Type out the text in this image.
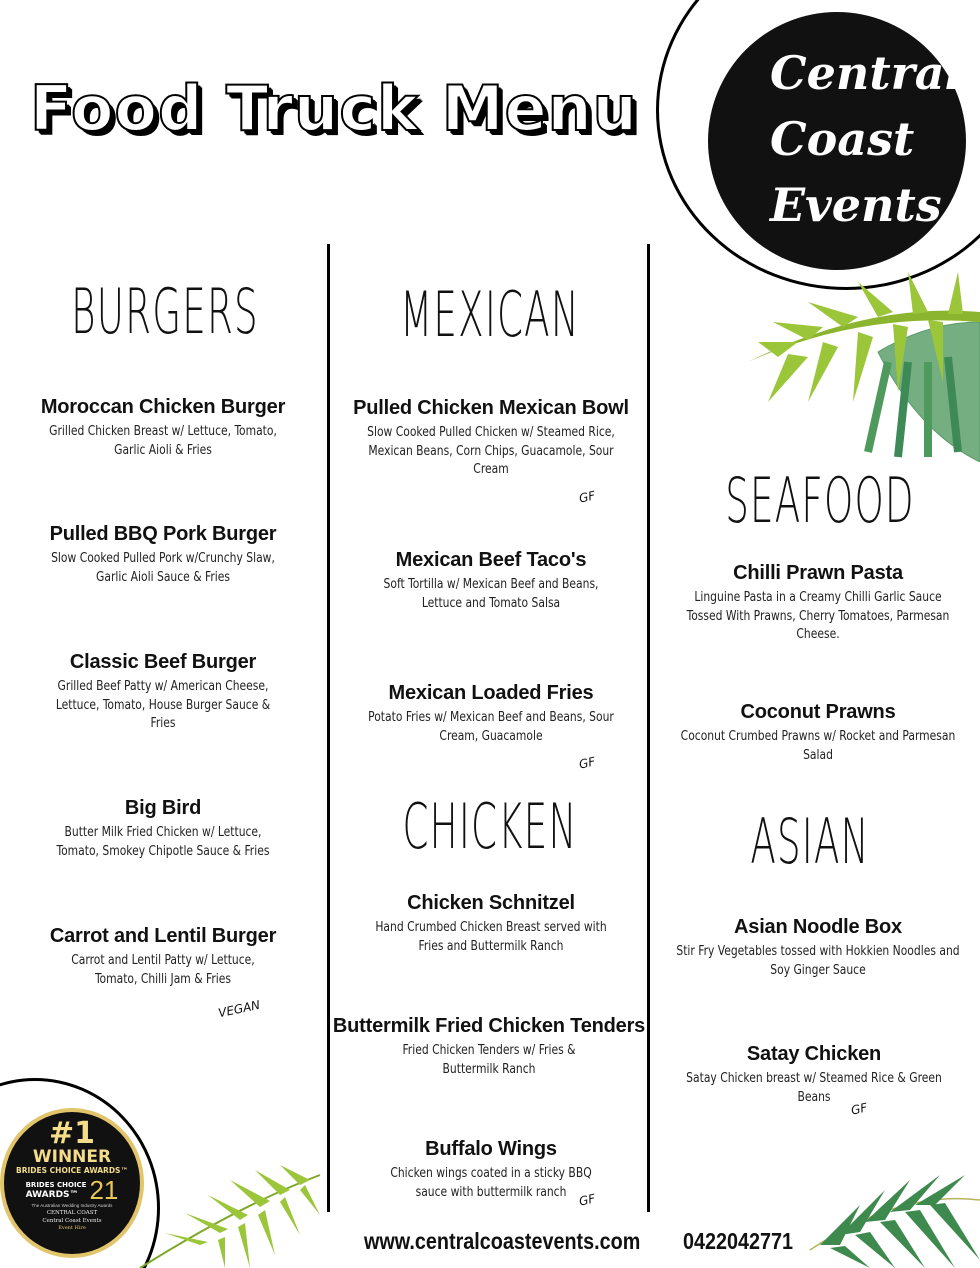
Food Truck Menu	Central
Coast
Events
BURGERS
Moroccan Chicken Burger
Grilled Chicken Breast w/ Lettuce, Tomato, Garlic Aioli & Fries
Pulled BBQ Pork Burger
Slow Cooked Pulled Pork w/Crunchy Slaw, Garlic Aioli Sauce & Fries
Classic Beef Burger
Grilled Beef Patty w/ American Cheese, Lettuce, Tomato, House Burger Sauce & Fries
Big Bird
Butter Milk Fried Chicken w/ Lettuce, Tomato, Smokey Chipotle Sauce & Fries
Carrot and Lentil Burger
Carrot and Lentil Patty w/ Lettuce, Tomato, Chilli Jam & Fries
VEGAN
MEXICAN
Pulled Chicken Mexican Bowl
Slow Cooked Pulled Chicken w/ Steamed Rice, Mexican Beans, Corn Chips, Guacamole, Sour Cream
GF
Mexican Beef Taco's
Soft Tortilla w/ Mexican Beef and Beans, Lettuce and Tomato Salsa
Mexican Loaded Fries
Potato Fries w/ Mexican Beef and Beans, Sour Cream, Guacamole
GF
CHICKEN
Chicken Schnitzel
Hand Crumbed Chicken Breast served with Fries and Buttermilk Ranch
Buttermilk Fried Chicken Tenders
Fried Chicken Tenders w/ Fries & Buttermilk Ranch
Buffalo Wings
Chicken wings coated in a sticky BBQ sauce with buttermilk ranch GF
SEAFOOD
Chilli Prawn Pasta
Linguine Pasta in a Creamy Chilli Garlic Sauce Tossed With Prawns, Cherry Tomatoes, Parmesan Cheese.
Coconut Prawns
Coconut Crumbed Prawns w/ Rocket and Parmesan Salad
ASIAN
Asian Noodle Box
Stir Fry Vegetables tossed with Hokkien Noodles and Soy Ginger Sauce
Satay Chicken
Satay Chicken breast w/ Steamed Rice & Green Beans
GF
www.centralcoastevents.com 0422042771
#1
WINNER
BRIDES CHOICE AWARDS™
BRIDES CHOICE
AWARDS™ 21
The Australian Wedding Industry Awards
CENTRAL COAST
Central Coast Events
Event Hire
